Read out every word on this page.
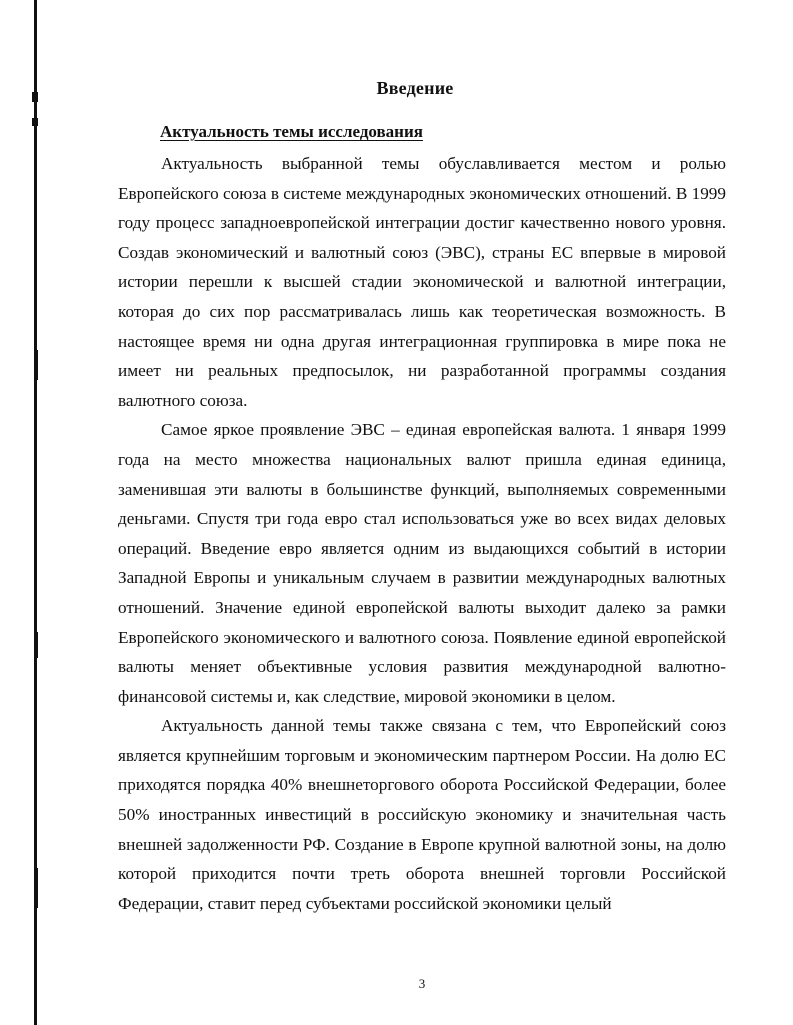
Введение
Актуальность темы исследования

Актуальность выбранной темы обуславливается местом и ролью Европейского союза в системе международных экономических отношений. В 1999 году процесс западноевропейской интеграции достиг качественно нового уровня. Создав экономический и валютный союз (ЭВС), страны ЕС впервые в мировой истории перешли к высшей стадии экономической и валютной интеграции, которая до сих пор рассматривалась лишь как теоретическая возможность. В настоящее время ни одна другая интеграционная группировка в мире пока не имеет ни реальных предпосылок, ни разработанной программы создания валютного союза.

Самое яркое проявление ЭВС – единая европейская валюта. 1 января 1999 года на место множества национальных валют пришла единая единица, заменившая эти валюты в большинстве функций, выполняемых современными деньгами. Спустя три года евро стал использоваться уже во всех видах деловых операций. Введение евро является одним из выдающихся событий в истории Западной Европы и уникальным случаем в развитии международных валютных отношений. Значение единой европейской валюты выходит далеко за рамки Европейского экономического и валютного союза. Появление единой европейской валюты меняет объективные условия развития международной валютно-финансовой системы и, как следствие, мировой экономики в целом.

Актуальность данной темы также связана с тем, что Европейский союз является крупнейшим торговым и экономическим партнером России. На долю ЕС приходятся порядка 40% внешнеторгового оборота Российской Федерации, более 50% иностранных инвестиций в российскую экономику и значительная часть внешней задолженности РФ. Создание в Европе крупной валютной зоны, на долю которой приходится почти треть оборота внешней торговли Российской Федерации, ставит перед субъектами российской экономики целый

3
